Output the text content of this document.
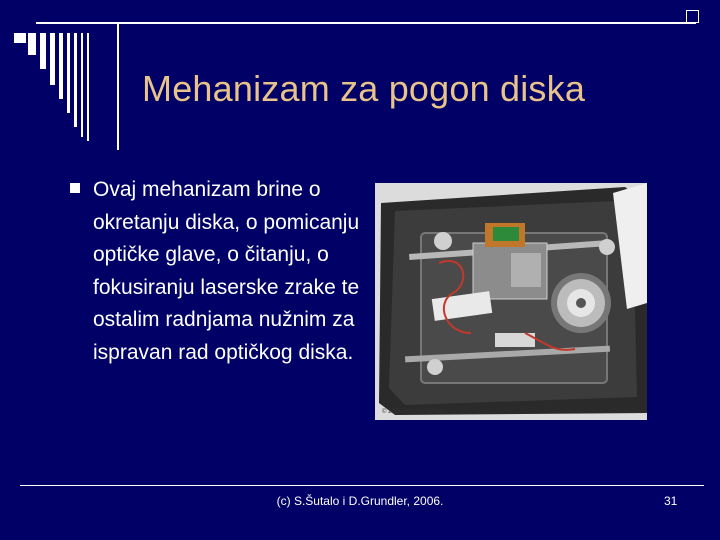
Mehanizam za pogon diska
Ovaj mehanizam brine o okretanju diska, o pomicanju optičke glave, o čitanju, o fokusiranju laserske zrake te ostalim radnjama nužnim za ispravan rad optičkog diska.
© 2001 HowStuffWorks
(c) S.Šutalo i D.Grundler, 2006.	31
